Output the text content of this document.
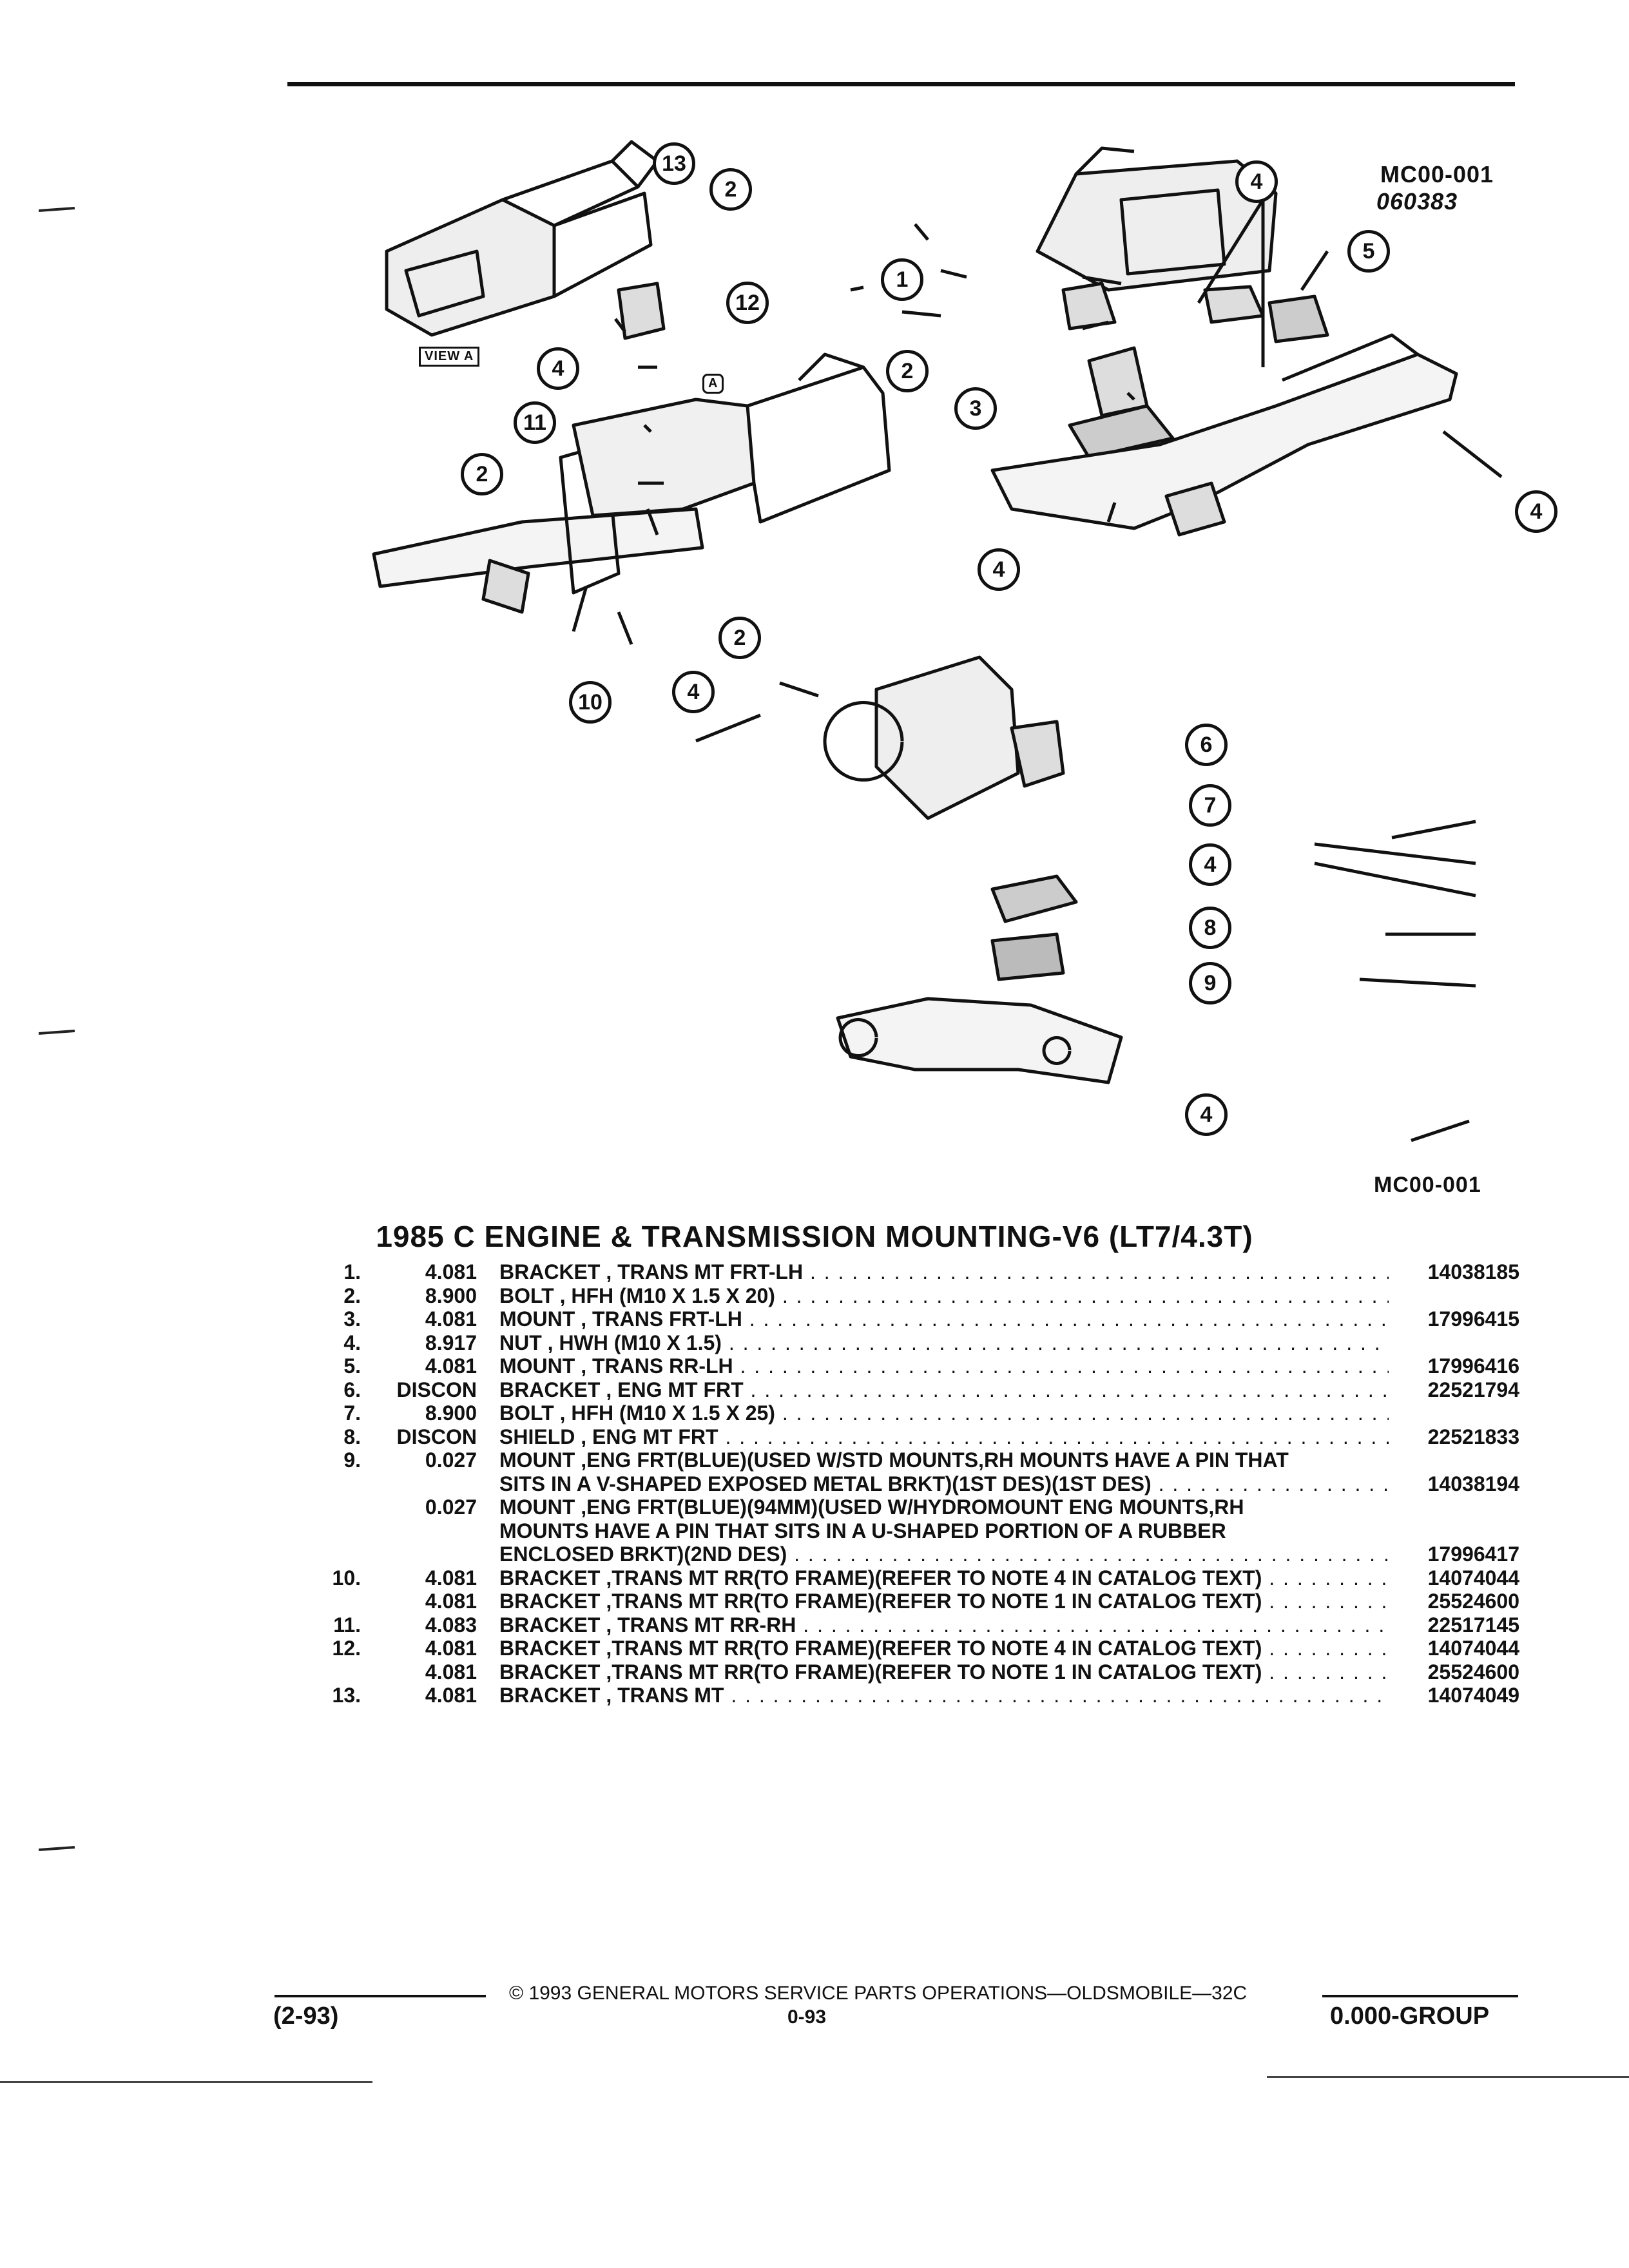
MC00-001
060383
VIEW A
A
13
2
12
4
11
2
2
10	4
1
2
3
4
4
4
5
6
7
4
8
9
4
MC00-001
1985 C ENGINE & TRANSMISSION MOUNTING-V6 (LT7/4.3T)
1.	4.081 BRACKET , TRANS MT FRT-LH . . .	14038185
2.	8.900 BOLT , HFH (M10 X 1.5 X 20) . . .
3.	4.081 MOUNT , TRANS FRT-LH . . .	17996415
4.	8.917 NUT , HWH (M10 X 1.5) . . .
5.	4.081 MOUNT , TRANS RR-LH . . .	17996416
6.	DISCON BRACKET , ENG MT FRT . . .	22521794
7.	8.900 BOLT , HFH (M10 X 1.5 X 25) . . .
8.	DISCON SHIELD , ENG MT FRT . . .	22521833
9.	0.027 MOUNT ,ENG FRT(BLUE)(USED W/STD MOUNTS,RH MOUNTS HAVE A PIN THAT
SITS IN A V-SHAPED EXPOSED METAL BRKT)(1ST DES)(1ST DES) . . .	14038194
0.027 MOUNT ,ENG FRT(BLUE)(94MM)(USED W/HYDROMOUNT ENG MOUNTS,RH
MOUNTS HAVE A PIN THAT SITS IN A U-SHAPED PORTION OF A RUBBER
ENCLOSED BRKT)(2ND DES) . . .	17996417
10.	4.081 BRACKET ,TRANS MT RR(TO FRAME)(REFER TO NOTE 4 IN CATALOG TEXT) . . .	14074044
4.081 BRACKET ,TRANS MT RR(TO FRAME)(REFER TO NOTE 1 IN CATALOG TEXT) . . .	25524600
11.	4.083 BRACKET , TRANS MT RR-RH . . .	22517145
12.	4.081 BRACKET ,TRANS MT RR(TO FRAME)(REFER TO NOTE 4 IN CATALOG TEXT) . . .	14074044
4.081 BRACKET ,TRANS MT RR(TO FRAME)(REFER TO NOTE 1 IN CATALOG TEXT) . . .	25524600
13.	4.081 BRACKET , TRANS MT . . .	14074049
© 1993 GENERAL MOTORS SERVICE PARTS OPERATIONS—OLDSMOBILE—32C
(2-93)	0-93	0.000-GROUP
